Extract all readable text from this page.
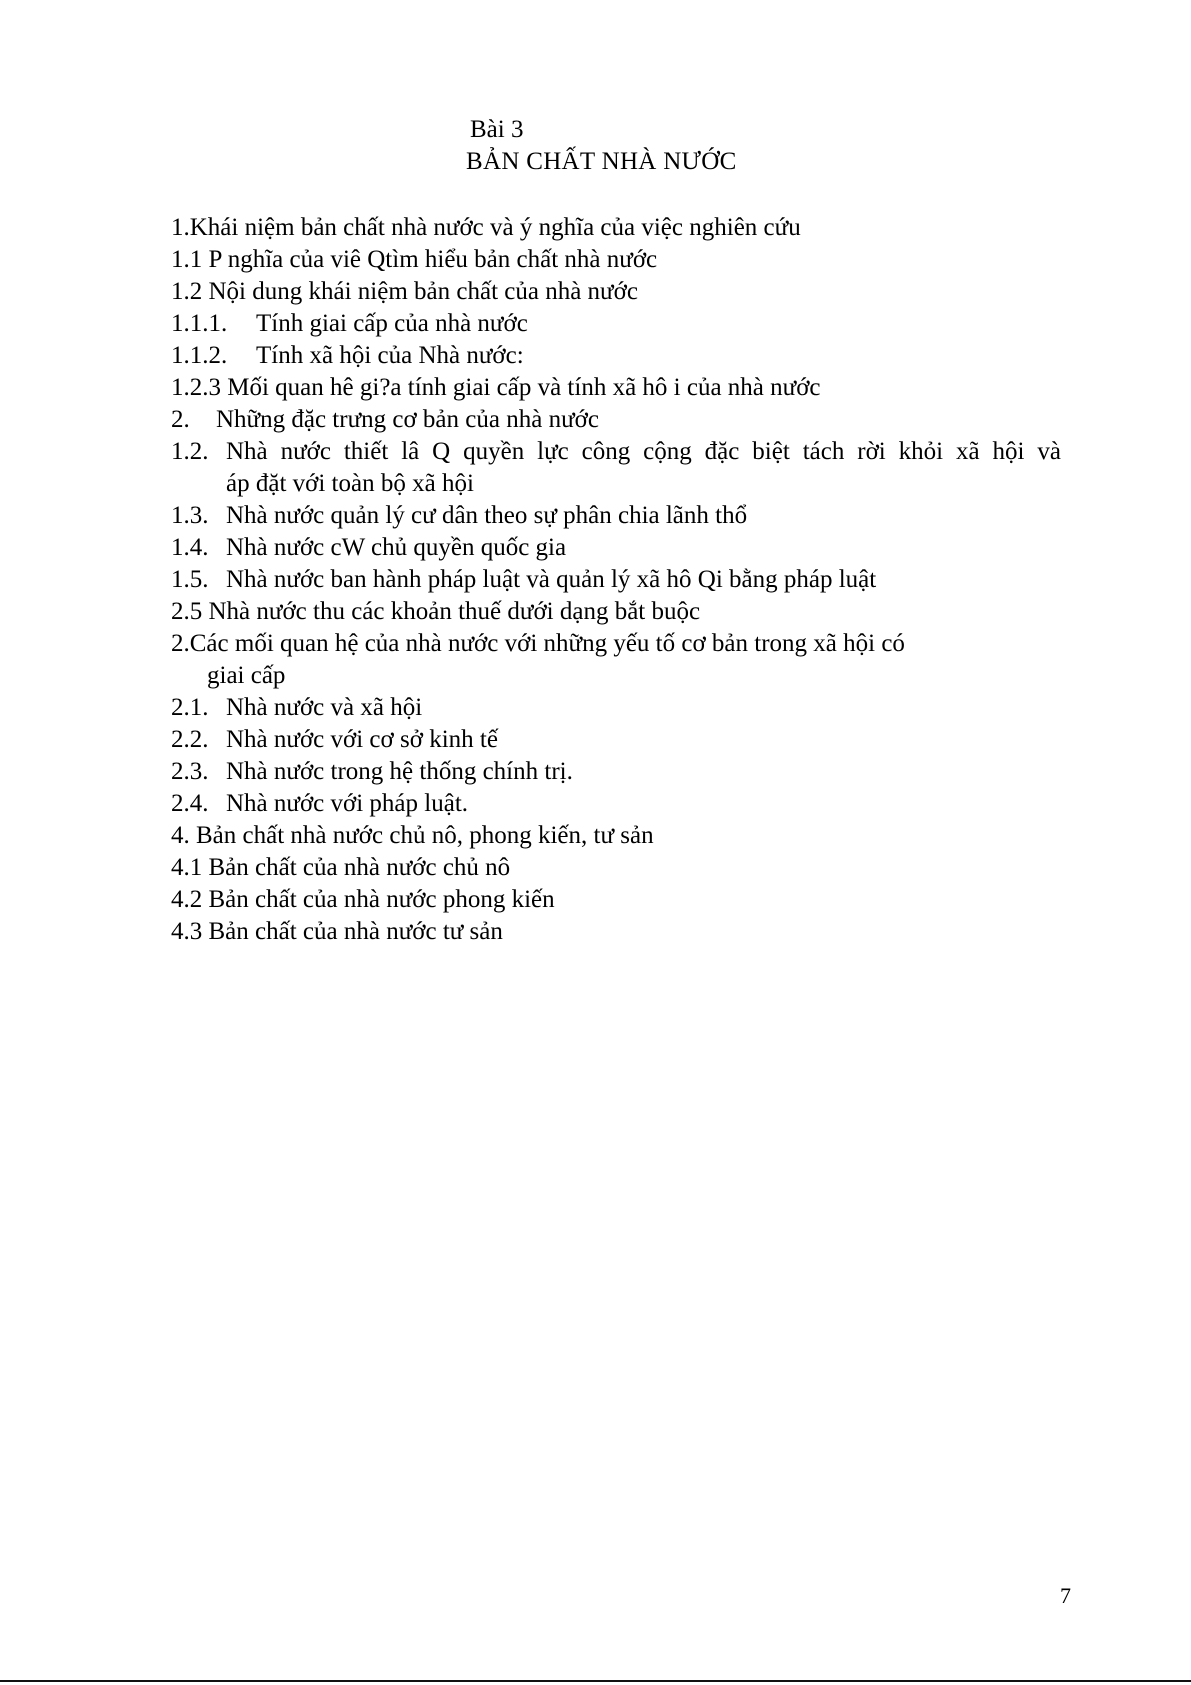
Bài 3
BẢN CHẤT NHÀ NƯỚC
1.Khái niệm bản chất nhà nước và ý nghĩa của việc nghiên cứu
1.1 P nghĩa của viê Qtìm hiểu bản chất nhà nước
1.2 Nội dung khái niệm bản chất của nhà nước
1.1.1.	Tính giai cấp của nhà nước
1.1.2.	Tính xã hội của Nhà nước:
1.2.3 Mối quan hê gi?a tính giai cấp và tính xã hô i của nhà nước
2.	Những đặc trưng cơ bản của nhà nước
1.2. Nhà nước thiết lâ Q quyền lực công cộng đặc biệt tách rời khỏi xã hội và
áp đặt với toàn bộ xã hội
1.3. Nhà nước quản lý cư dân theo sự phân chia lãnh thổ
1.4. Nhà nước cW chủ quyền quốc gia
1.5. Nhà nước ban hành pháp luật và quản lý xã hô Qi bằng pháp luật
2.5 Nhà nước thu các khoản thuế dưới dạng bắt buộc
2.Các mối quan hệ của nhà nước với những yếu tố cơ bản trong xã hội có
giai cấp
2.1. Nhà nước và xã hội
2.2. Nhà nước với cơ sở kinh tế
2.3. Nhà nước trong hệ thống chính trị.
2.4. Nhà nước với pháp luật.
4. Bản chất nhà nước chủ nô, phong kiến, tư sản
4.1 Bản chất của nhà nước chủ nô
4.2 Bản chất của nhà nước phong kiến
4.3 Bản chất của nhà nước tư sản
7
